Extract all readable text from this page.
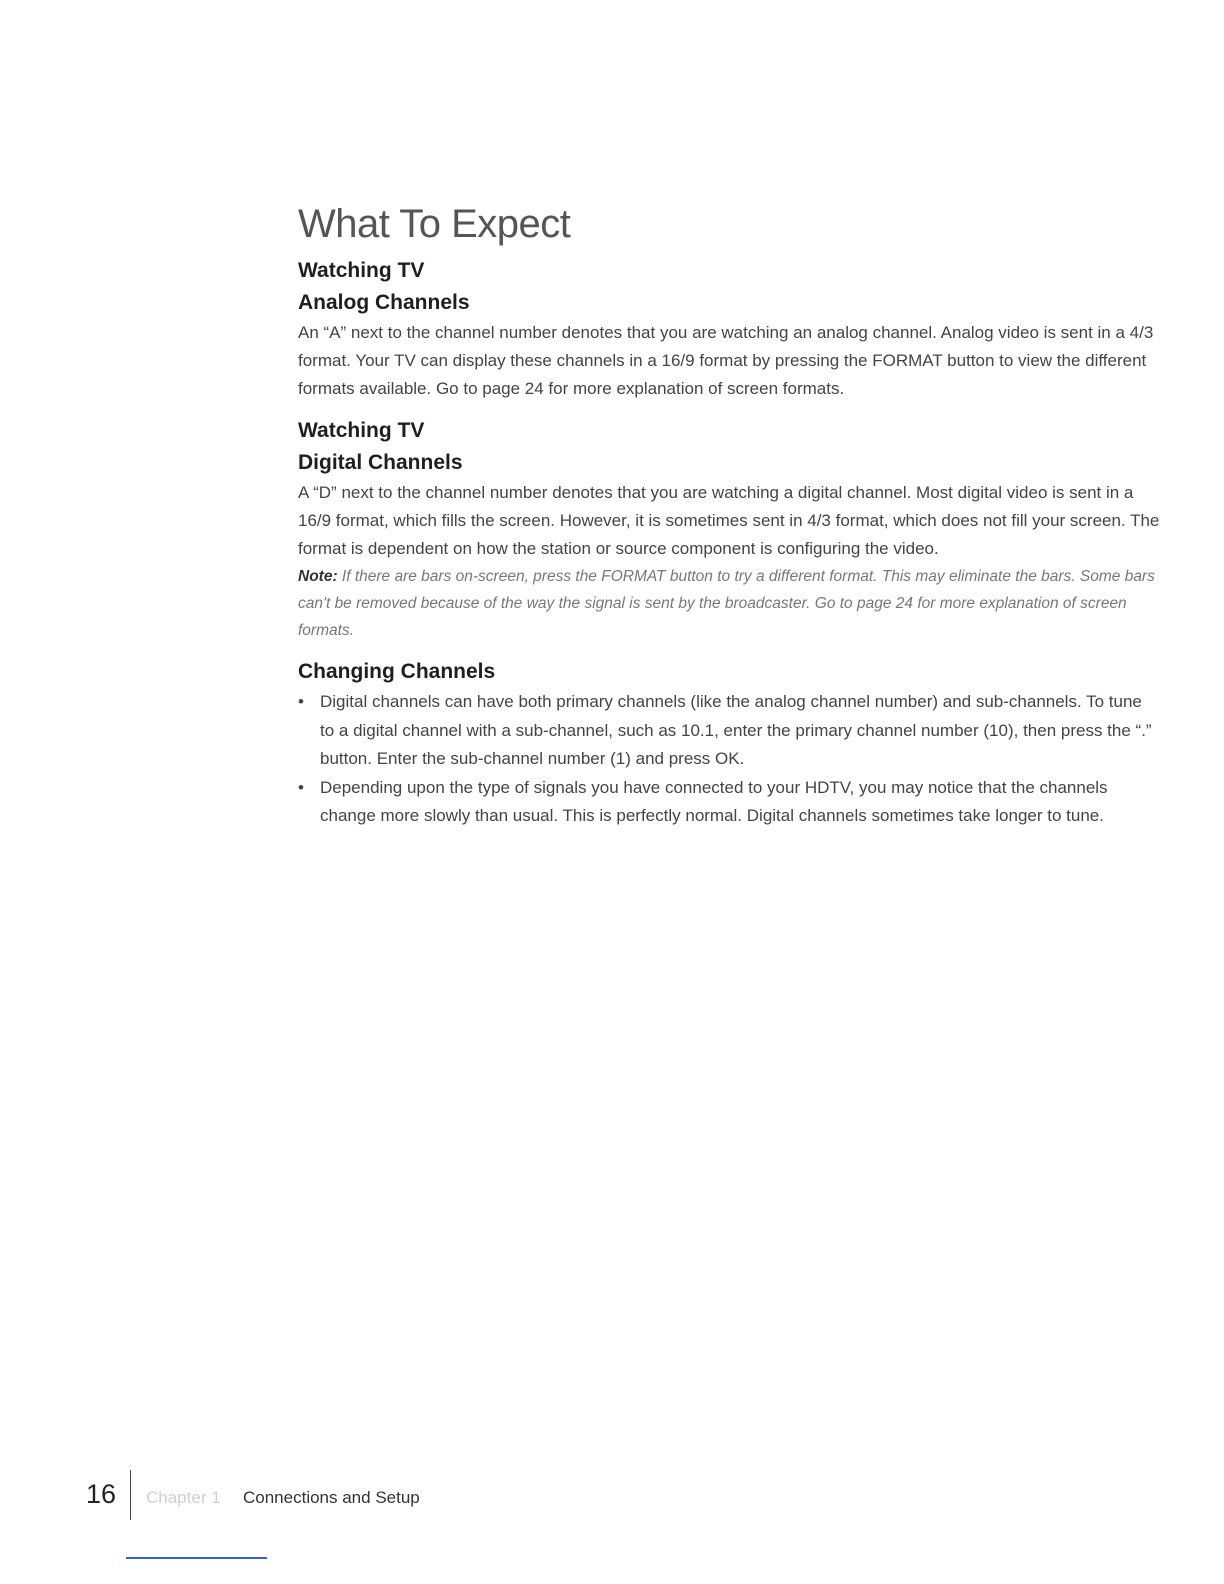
What To Expect
Watching TV
Analog Channels

An “A” next to the channel number denotes that you are watching an analog channel. Analog video is sent in a 4/3 format. Your TV can display these channels in a 16/9 format by pressing the FORMAT button to view the different formats available. Go to page 24 for more explanation of screen formats.

Watching TV
Digital Channels

A “D” next to the channel number denotes that you are watching a digital channel. Most digital video is sent in a 16/9 format, which fills the screen. However, it is sometimes sent in 4/3 format, which does not fill your screen. The format is dependent on how the station or source component is configuring the video.

Note: If there are bars on-screen, press the FORMAT button to try a different format. This may eliminate the bars. Some bars can't be removed because of the way the signal is sent by the broadcaster. Go to page 24 for more explanation of screen formats.

Changing Channels
• Digital channels can have both primary channels (like the analog channel number) and sub-channels. To tune to a digital channel with a sub-channel, such as 10.1, enter the primary channel number (10), then press the “.” button. Enter the sub-channel number (1) and press OK.
• Depending upon the type of signals you have connected to your HDTV, you may notice that the channels change more slowly than usual. This is perfectly normal. Digital channels sometimes take longer to tune.
16 Chapter 1 Connections and Setup
